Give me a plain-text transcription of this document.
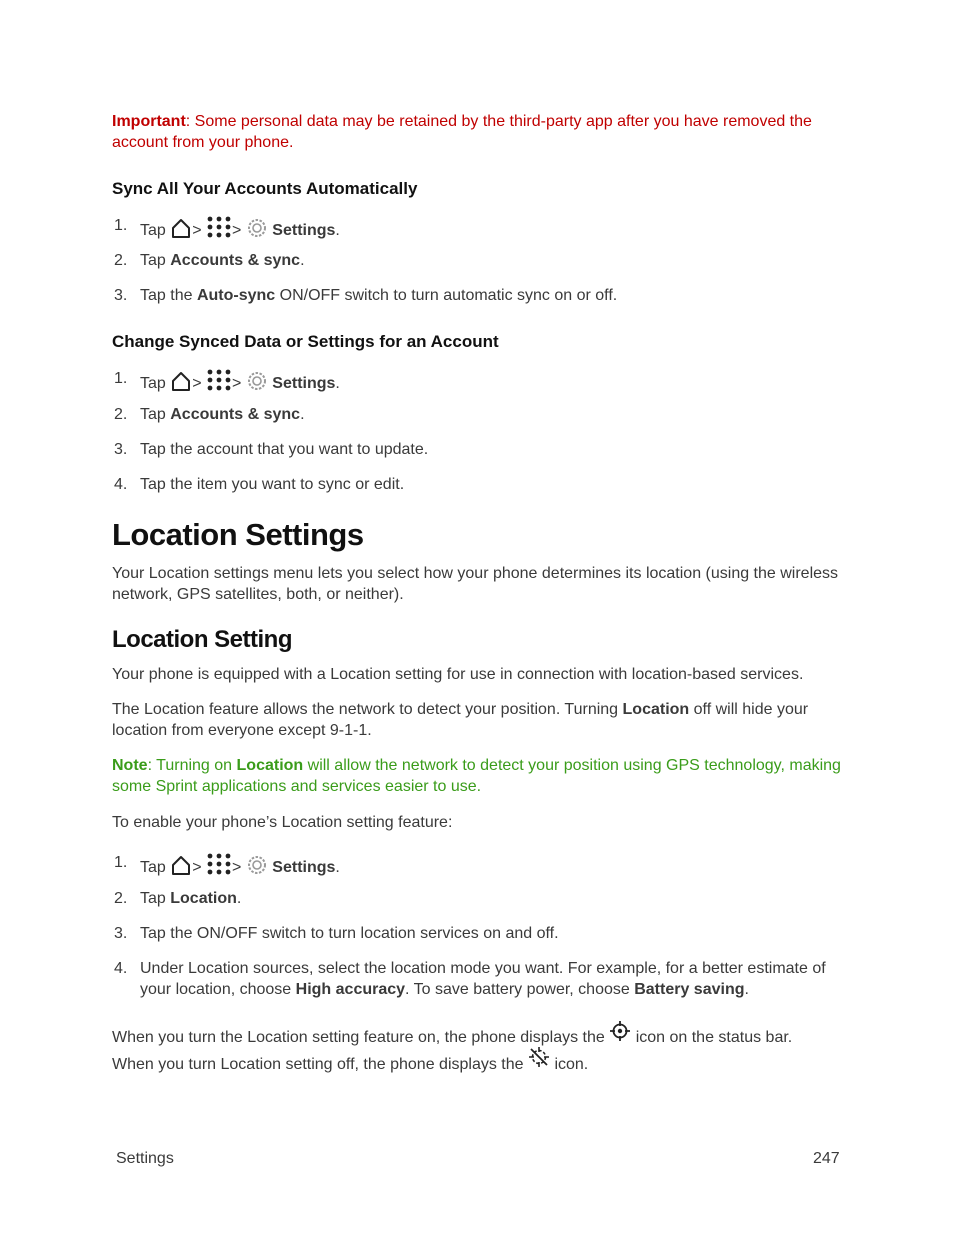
Important: Some personal data may be retained by the third-party app after you have removed the account from your phone.

Sync All Your Accounts Automatically
1. Tap > > Settings.
2. Tap Accounts & sync.
3. Tap the Auto-sync ON/OFF switch to turn automatic sync on or off.
Change Synced Data or Settings for an Account
1. Tap > > Settings.
2. Tap Accounts & sync.
3. Tap the account that you want to update.
4. Tap the item you want to sync or edit.
Location Settings

Your Location settings menu lets you select how your phone determines its location (using the wireless network, GPS satellites, both, or neither).

Location Setting

Your phone is equipped with a Location setting for use in connection with location-based services.

The Location feature allows the network to detect your position. Turning Location off will hide your location from everyone except 9-1-1.

Note: Turning on Location will allow the network to detect your position using GPS technology, making some Sprint applications and services easier to use.

To enable your phone’s Location setting feature:

1. Tap > > Settings.
2. Tap Location.
3. Tap the ON/OFF switch to turn location services on and off.
4. Under Location sources, select the location mode you want. For example, for a better estimate of your location, choose High accuracy. To save battery power, choose Battery saving.

When you turn the Location setting feature on, the phone displays the icon on the status bar.

When you turn Location setting off, the phone displays the icon.

Settings	247
